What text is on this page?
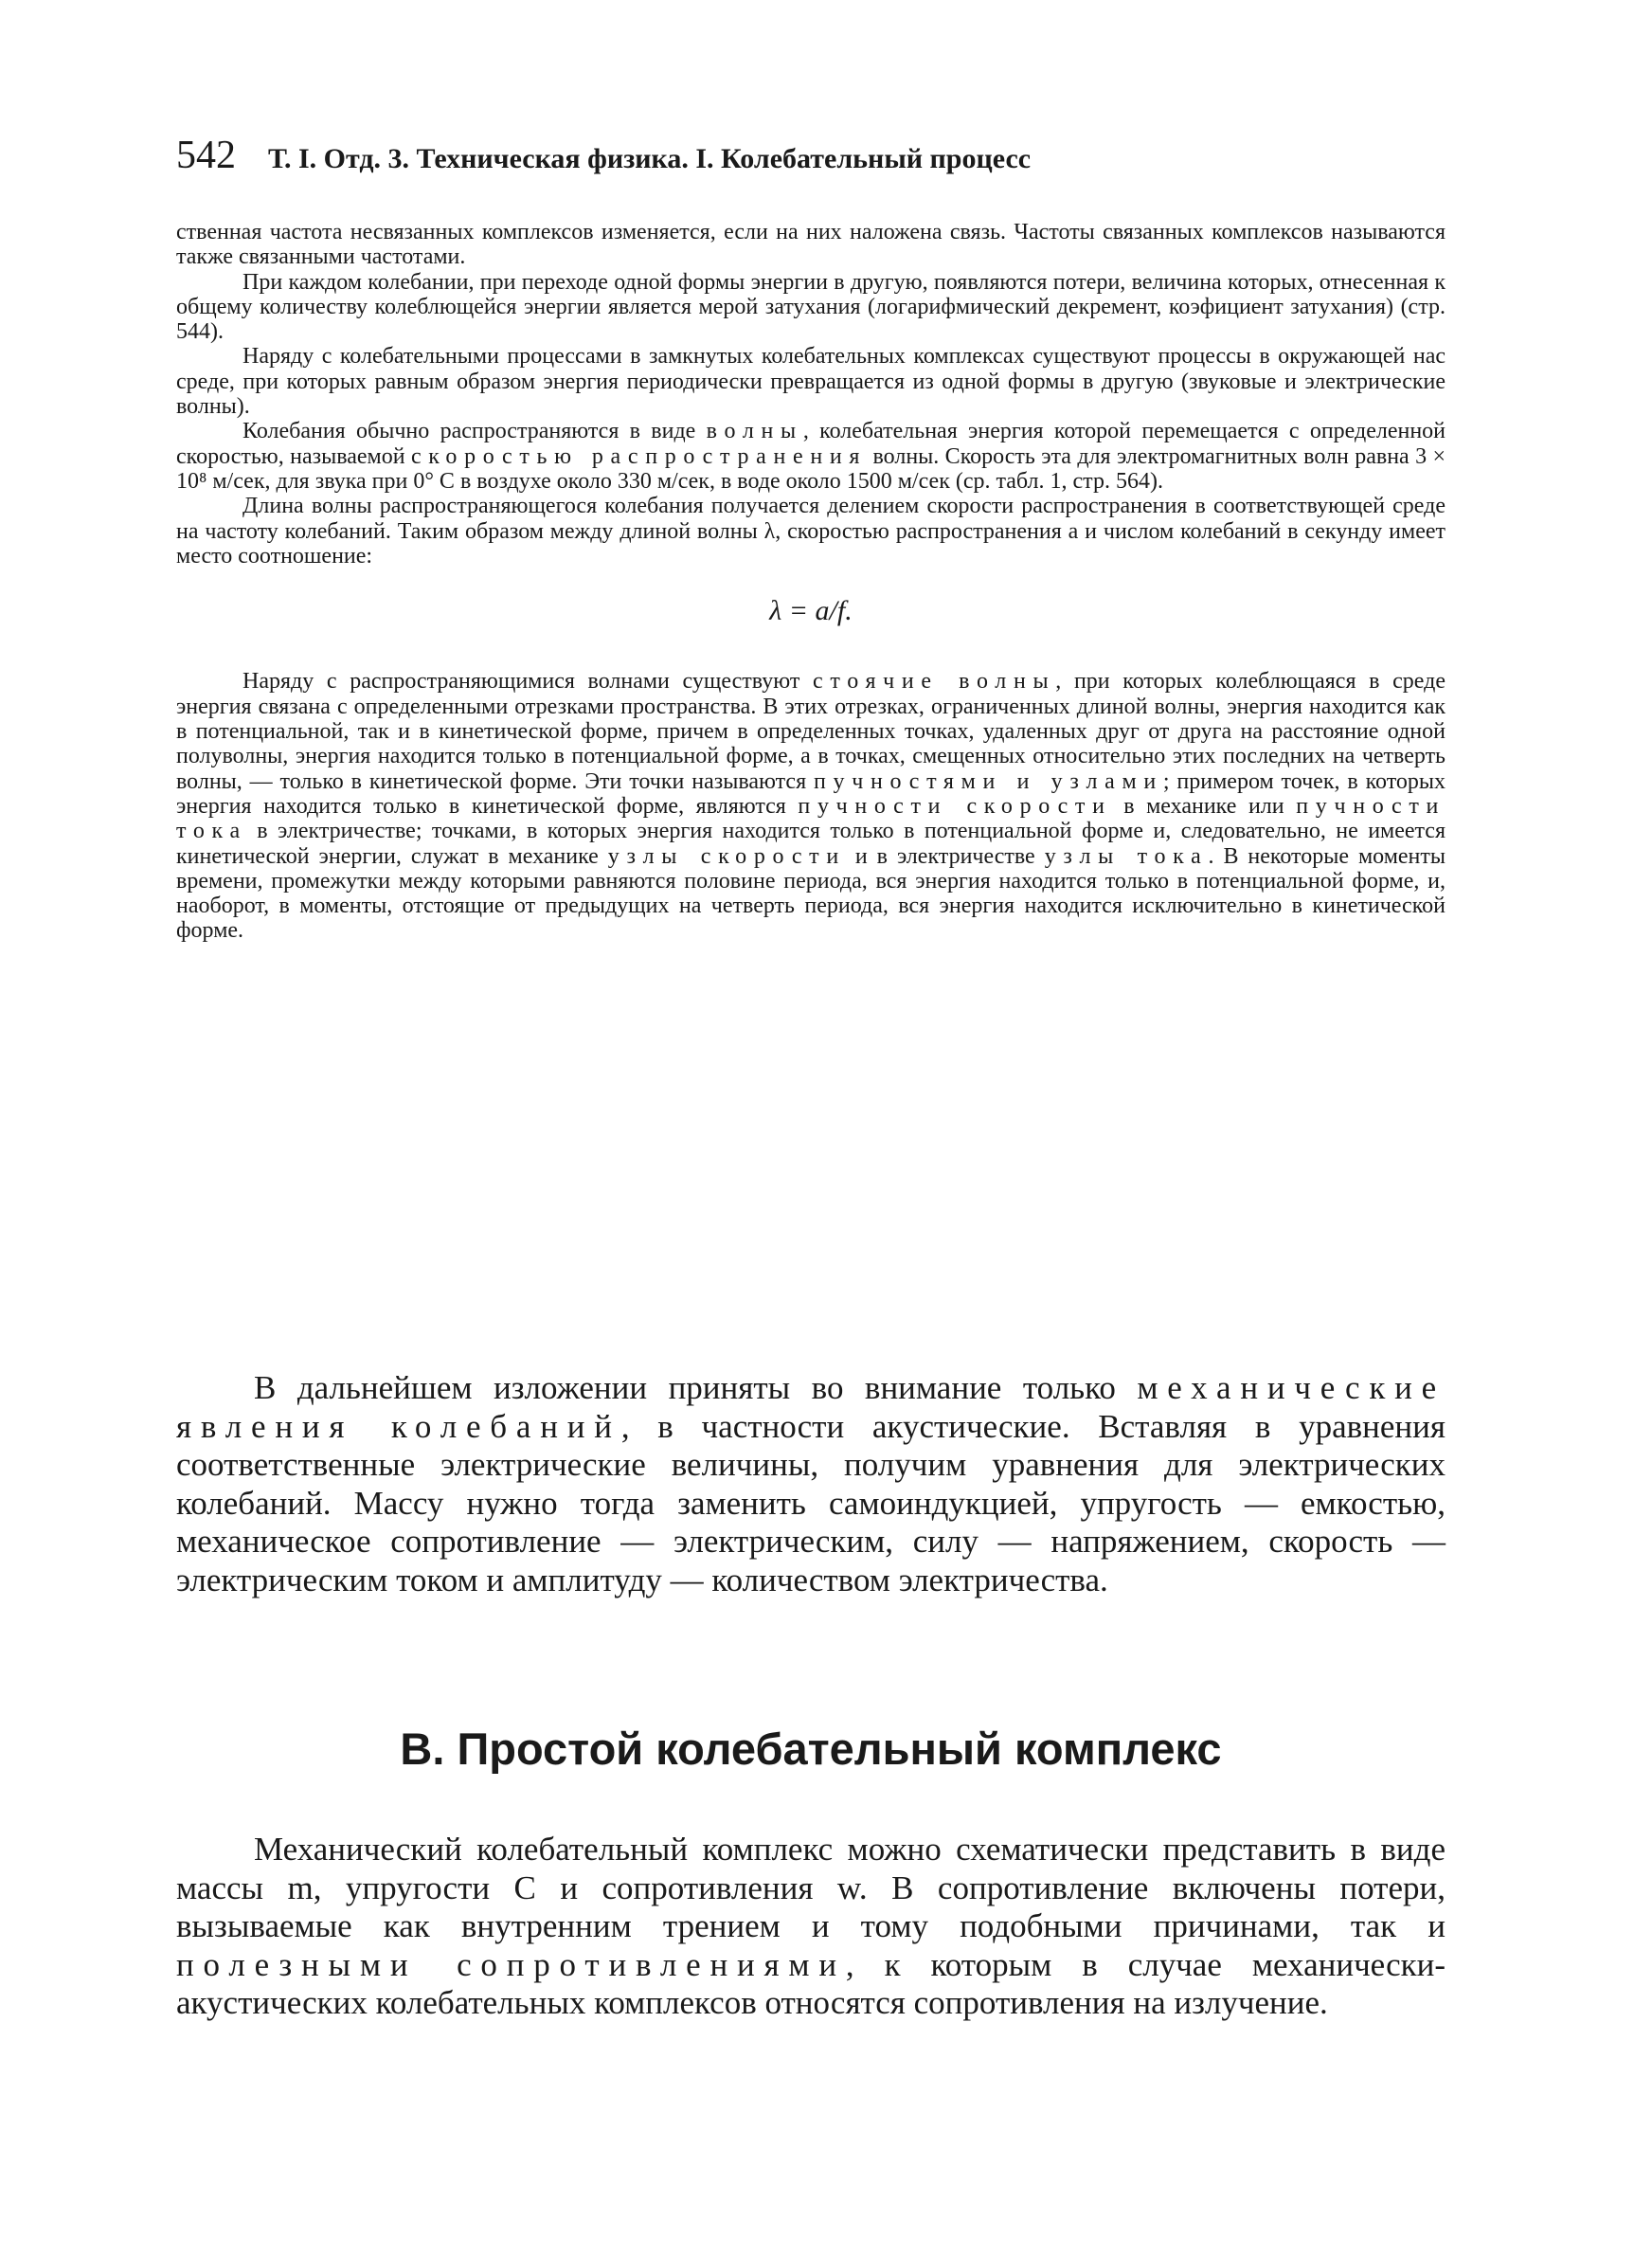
542 Т. I. Отд. 3. Техническая физика. I. Колебательный процесс

ственная частота несвязанных комплексов изменяется, если на них наложена связь. Частоты связанных комплексов называются также связанными частотами.

При каждом колебании, при переходе одной формы энергии в другую, появляются потери, величина которых, отнесенная к общему количеству колеблющейся энергии является мерой затухания (логарифмический декремент, коэфициент затухания) (стр. 544).

Наряду с колебательными процессами в замкнутых колебательных комплексах существуют процессы в окружающей нас среде, при которых равным образом энергия периодически превращается из одной формы в другую (звуковые и электрические волны).

Колебания обычно распространяются в виде волны, колебательная энергия которой перемещается с определенной скоростью, называемой скоростью распространения волны. Скорость эта для электромагнитных волн равна 3 × 10⁸ м/сек, для звука при 0° C в воздухе около 330 м/сек, в воде около 1500 м/сек (ср. табл. 1, стр. 564).

Длина волны распространяющегося колебания получается делением скорости распространения в соответствующей среде на частоту колебаний. Таким образом между длиной волны λ, скоростью распространения a и числом колебаний в секунду имеет место соотношение:

λ = a/f.

Наряду с распространяющимися волнами существуют стоячие волны, при которых колеблющаяся в среде энергия связана с определенными отрезками пространства. В этих отрезках, ограниченных длиной волны, энергия находится как в потенциальной, так и в кинетической форме, причем в определенных точках, удаленных друг от друга на расстояние одной полуволны, энергия находится только в потенциальной форме, а в точках, смещенных относительно этих последних на четверть волны, — только в кинетической форме. Эти точки называются пучностями и узлами; примером точек, в которых энергия находится только в кинетической форме, являются пучности скорости в механике или пучности тока в электричестве; точками, в которых энергия находится только в потенциальной форме и, следовательно, не имеется кинетической энергии, служат в механике узлы скорости и в электричестве узлы тока. В некоторые моменты времени, промежутки между которыми равняются половине периода, вся энергия находится только в потенциальной форме, и, наоборот, в моменты, отстоящие от предыдущих на четверть периода, вся энергия находится исключительно в кинетической форме.

В дальнейшем изложении приняты во внимание только механические явления колебаний, в частности акустические. Вставляя в уравнения соответственные электрические величины, получим уравнения для электрических колебаний. Массу нужно тогда заменить самоиндукцией, упругость — емкостью, механическое сопротивление — электрическим, силу — напряжением, скорость — электрическим током и амплитуду — количеством электричества.

B. Простой колебательный комплекс

Механический колебательный комплекс можно схематически представить в виде массы m, упругости C и сопротивления w. В сопротивление включены потери, вызываемые как внутренним трением и тому подобными причинами, так и полезными сопротивлениями, к которым в случае механически-акустических колебательных комплексов относятся сопротивления на излучение.
